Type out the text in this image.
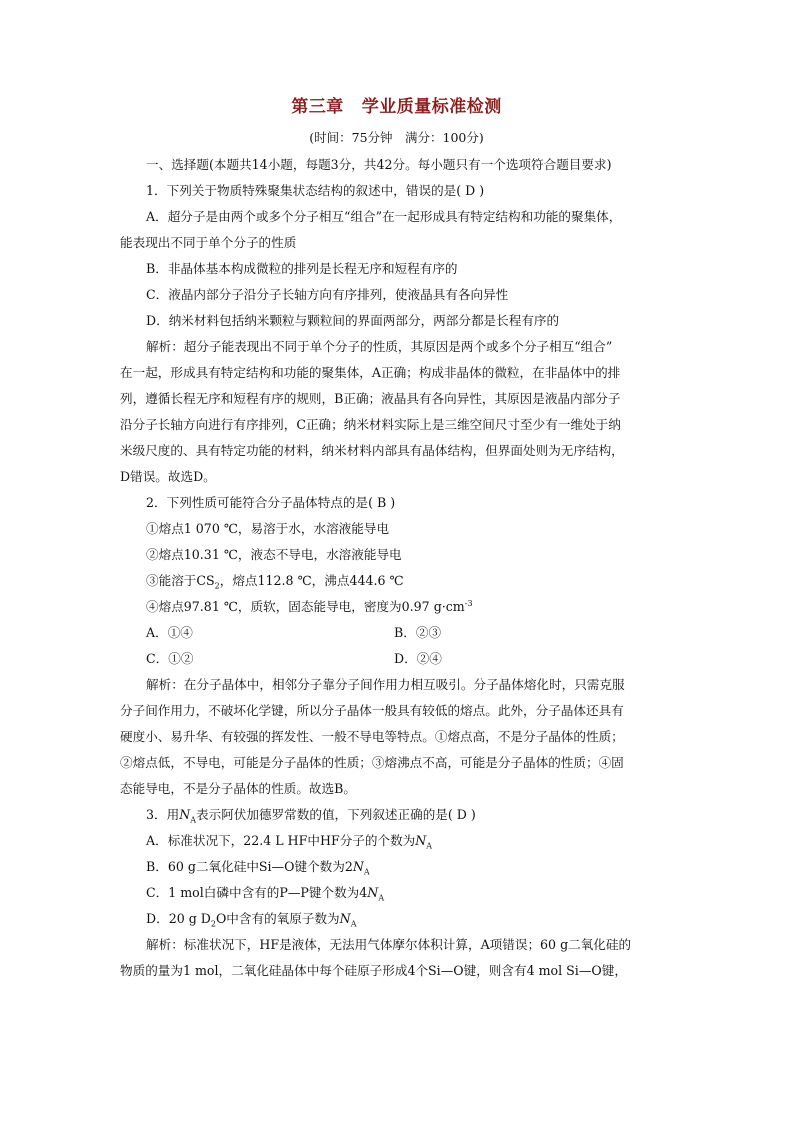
第三章 学业质量标准检测
(时间：75分钟　满分：100分)

一、选择题(本题共14小题，每题3分，共42分。每小题只有一个选项符合题目要求)

1．下列关于物质特殊聚集状态结构的叙述中，错误的是( D )

A．超分子是由两个或多个分子相互“组合”在一起形成具有特定结构和功能的聚集体，

能表现出不同于单个分子的性质

B．非晶体基本构成微粒的排列是长程无序和短程有序的

C．液晶内部分子沿分子长轴方向有序排列，使液晶具有各向异性

D．纳米材料包括纳米颗粒与颗粒间的界面两部分，两部分都是长程有序的

解析：超分子能表现出不同于单个分子的性质，其原因是两个或多个分子相互“组合”

在一起，形成具有特定结构和功能的聚集体，A正确；构成非晶体的微粒，在非晶体中的排

列，遵循长程无序和短程有序的规则，B正确；液晶具有各向异性，其原因是液晶内部分子

沿分子长轴方向进行有序排列，C正确；纳米材料实际上是三维空间尺寸至少有一维处于纳

米级尺度的、具有特定功能的材料，纳米材料内部具有晶体结构，但界面处则为无序结构，

D错误。故选D。

2．下列性质可能符合分子晶体特点的是( B )

①熔点1 070 ℃，易溶于水，水溶液能导电

②熔点10.31 ℃，液态不导电，水溶液能导电

③能溶于$CS_2$，熔点112.8 ℃，沸点444.6 ℃

④熔点97.81 ℃，质软，固态能导电，密度为0.97 $g\cdot cm^{-3}$

A．①④	B．②③
C．①②	D．②④

解析：在分子晶体中，相邻分子靠分子间作用力相互吸引。分子晶体熔化时，只需克服

分子间作用力，不破坏化学键，所以分子晶体一般具有较低的熔点。此外，分子晶体还具有

硬度小、易升华、有较强的挥发性、一般不导电等特点。①熔点高，不是分子晶体的性质；

②熔点低，不导电，可能是分子晶体的性质；③熔沸点不高，可能是分子晶体的性质；④固

态能导电，不是分子晶体的性质。故选B。

3．用$N_A$表示阿伏加德罗常数的值，下列叙述正确的是( D )

A．标准状况下，22.4 L HF中HF分子的个数为$N_A$

B．60 g二氧化硅中Si—O键个数为$2N_A$

C．1 mol白磷中含有的P—P键个数为$4N_A$

D．20 g $D_2O$中含有的氧原子数为$N_A$

解析：标准状况下，HF是液体，无法用气体摩尔体积计算，A项错误；60 g二氧化硅的

物质的量为1 mol，二氧化硅晶体中每个硅原子形成4个Si—O键，则含有4 mol Si—O键，
